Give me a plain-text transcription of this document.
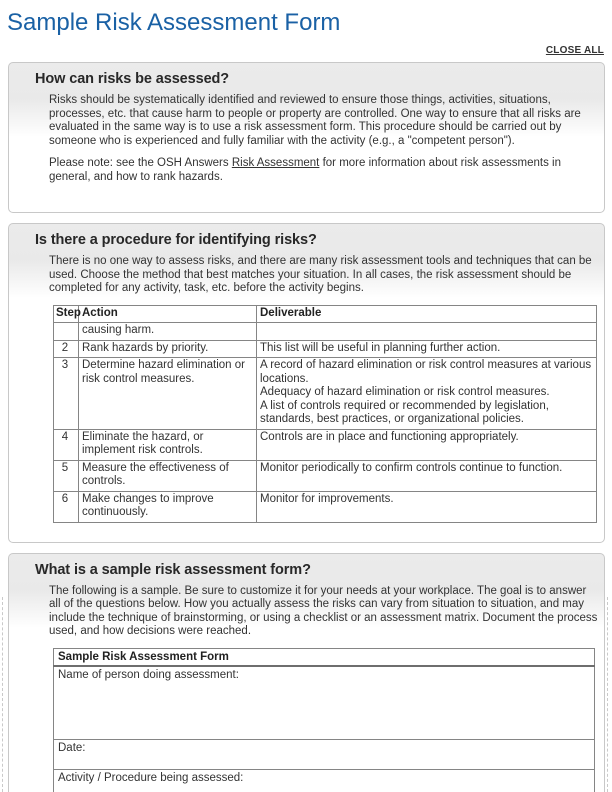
Sample Risk Assessment Form
CLOSE ALL
How can risks be assessed?

Risks should be systematically identified and reviewed to ensure those things, activities, situations, processes, etc. that cause harm to people or property are controlled. One way to ensure that all risks are evaluated in the same way is to use a risk assessment form. This procedure should be carried out by someone who is experienced and fully familiar with the activity (e.g., a "competent person").

Please note: see the OSH Answers Risk Assessment for more information about risk assessments in general, and how to rank hazards.

Is there a procedure for identifying risks?

There is no one way to assess risks, and there are many risk assessment tools and techniques that can be used. Choose the method that best matches your situation. In all cases, the risk assessment should be completed for any activity, task, etc. before the activity begins.

Step	Action	Deliverable
	causing harm.	
2	Rank hazards by priority.	This list will be useful in planning further action.
3	Determine hazard elimination or risk control measures.	A record of hazard elimination or risk control measures at various locations.
Adequacy of hazard elimination or risk control measures.
A list of controls required or recommended by legislation, standards, best practices, or organizational policies.

4	Eliminate the hazard, or implement risk controls.	Controls are in place and functioning appropriately.
5	Measure the effectiveness of controls.	Monitor periodically to confirm controls continue to function.
6	Make changes to improve continuously.	Monitor for improvements.
What is a sample risk assessment form?

The following is a sample. Be sure to customize it for your needs at your workplace. The goal is to answer all of the questions below. How you actually assess the risks can vary from situation to situation, and may include the technique of brainstorming, or using a checklist or an assessment matrix. Document the process used, and how decisions were reached.

Sample Risk Assessment Form
Name of person doing assessment:
Date:
Activity / Procedure being assessed:
